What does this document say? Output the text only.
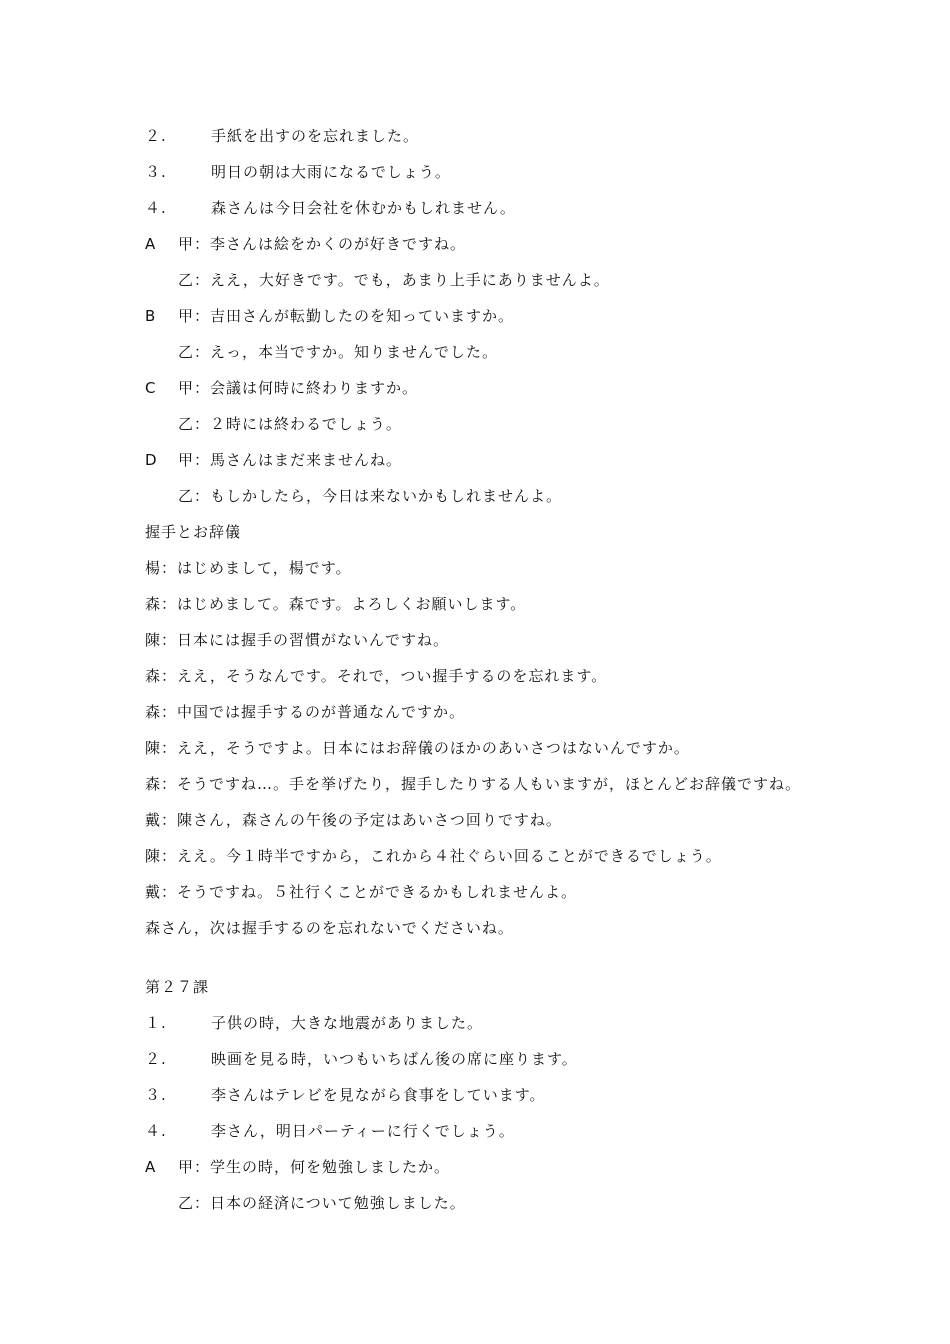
２.	手紙を出すのを忘れました。
３.	明日の朝は大雨になるでしょう。
４.	森さんは今日会社を休むかもしれません。
A 甲：李さんは絵をかくのが好きですね。
乙：ええ，大好きです。でも，あまり上手にありませんよ。
B 甲：吉田さんが転勤したのを知っていますか。
乙：えっ，本当ですか。知りませんでした。
C 甲：会議は何時に終わりますか。
乙：２時には終わるでしょう。
D 甲：馬さんはまだ来ませんね。
乙：もしかしたら，今日は来ないかもしれませんよ。
握手とお辞儀
楊：はじめまして，楊です。
森：はじめまして。森です。よろしくお願いします。
陳：日本には握手の習慣がないんですね。
森：ええ，そうなんです。それで，つい握手するのを忘れます。
森：中国では握手するのが普通なんですか。
陳：ええ，そうですよ。日本にはお辞儀のほかのあいさつはないんですか。
森：そうですね…。手を挙げたり，握手したりする人もいますが，ほとんどお辞儀ですね。
戴：陳さん，森さんの午後の予定はあいさつ回りですね。
陳：ええ。今１時半ですから，これから４社ぐらい回ることができるでしょう。
戴：そうですね。５社行くことができるかもしれませんよ。
森さん，次は握手するのを忘れないでくださいね。
第２７課
１.	子供の時，大きな地震がありました。
２.	映画を見る時，いつもいちばん後の席に座ります。
３.	李さんはテレビを見ながら食事をしています。
４.	李さん，明日パーティーに行くでしょう。
A 甲：学生の時，何を勉強しましたか。
乙：日本の経済について勉強しました。
